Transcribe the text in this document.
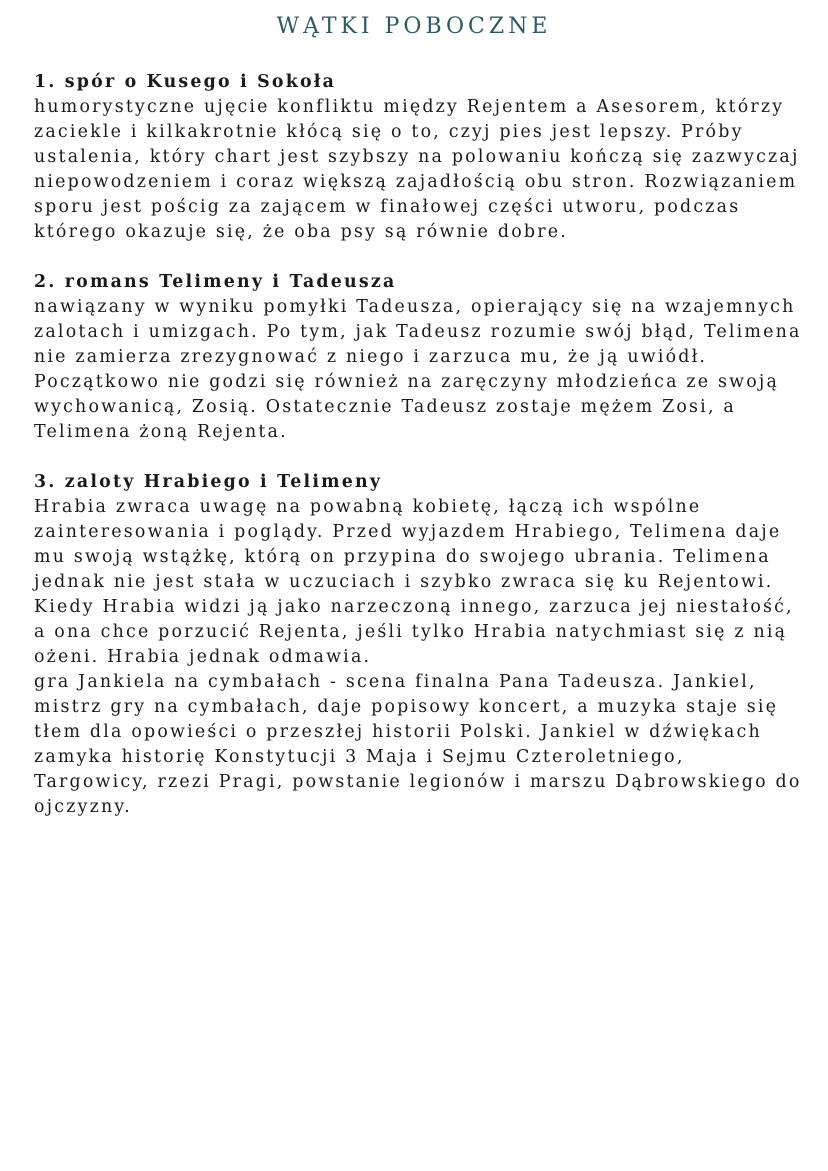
WĄTKI POBOCZNE
1. spór o Kusego i Sokoła
humorystyczne ujęcie konfliktu między Rejentem a Asesorem, którzy zaciekle i kilkakrotnie kłócą się o to, czyj pies jest lepszy. Próby ustalenia, który chart jest szybszy na polowaniu kończą się zazwyczaj niepowodzeniem i coraz większą zajadłością obu stron. Rozwiązaniem sporu jest pościg za zającem w finałowej części utworu, podczas którego okazuje się, że oba psy są równie dobre.
2. romans Telimeny i Tadeusza
nawiązany w wyniku pomyłki Tadeusza, opierający się na wzajemnych zalotach i umizgach. Po tym, jak Tadeusz rozumie swój błąd, Telimena nie zamierza zrezygnować z niego i zarzuca mu, że ją uwiódł. Początkowo nie godzi się również na zaręczyny młodzieńca ze swoją wychowanicą, Zosią. Ostatecznie Tadeusz zostaje mężem Zosi, a Telimena żoną Rejenta.
3. zaloty Hrabiego i Telimeny
Hrabia zwraca uwagę na powabną kobietę, łączą ich wspólne zainteresowania i poglądy. Przed wyjazdem Hrabiego, Telimena daje mu swoją wstążkę, którą on przypina do swojego ubrania. Telimena jednak nie jest stała w uczuciach i szybko zwraca się ku Rejentowi. Kiedy Hrabia widzi ją jako narzeczoną innego, zarzuca jej niestałość, a ona chce porzucić Rejenta, jeśli tylko Hrabia natychmiast się z nią ożeni. Hrabia jednak odmawia.
gra Jankiela na cymbałach - scena finalna Pana Tadeusza. Jankiel, mistrz gry na cymbałach, daje popisowy koncert, a muzyka staje się tłem dla opowieści o przeszłej historii Polski. Jankiel w dźwiękach zamyka historię Konstytucji 3 Maja i Sejmu Czteroletniego, Targowicy, rzezi Pragi, powstanie legionów i marszu Dąbrowskiego do ojczyzny.
